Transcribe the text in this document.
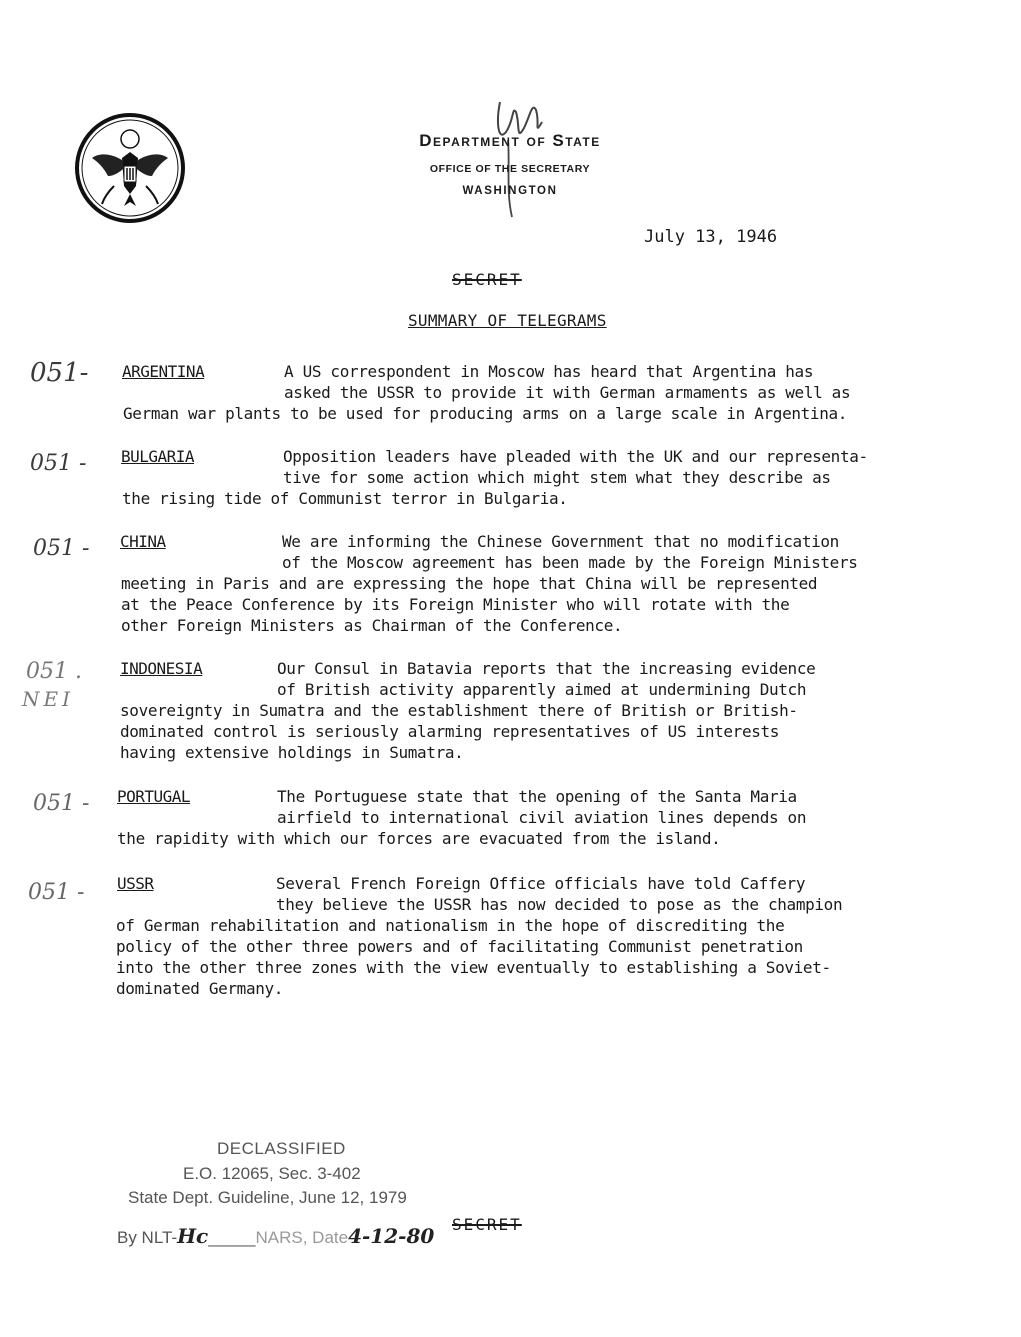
Department of State
OFFICE OF THE SECRETARY
WASHINGTON
July 13, 1946
SECRET
SUMMARY OF TELEGRAMS
051- ARGENTINA	A US correspondent in Moscow has heard that Argentina has
asked the USSR to provide it with German armaments as well as
German war plants to be used for producing arms on a large scale in Argentina.
051 - BULGARIA	Opposition leaders have pleaded with the UK and our representa-
tive for some action which might stem what they describe as
the rising tide of Communist terror in Bulgaria.
051 - CHINA	We are informing the Chinese Government that no modification
of the Moscow agreement has been made by the Foreign Ministers
meeting in Paris and are expressing the hope that China will be represented
at the Peace Conference by its Foreign Minister who will rotate with the
other Foreign Ministers as Chairman of the Conference.
051 .
NEI
INDONESIA	Our Consul in Batavia reports that the increasing evidence
of British activity apparently aimed at undermining Dutch
sovereignty in Sumatra and the establishment there of British or British-
dominated control is seriously alarming representatives of US interests
having extensive holdings in Sumatra.
051 - PORTUGAL	The Portuguese state that the opening of the Santa Maria
airfield to international civil aviation lines depends on
the rapidity with which our forces are evacuated from the island.
051 - USSR	Several French Foreign Office officials have told Caffery
they believe the USSR has now decided to pose as the champion
of German rehabilitation and nationalism in the hope of discrediting the
policy of the other three powers and of facilitating Communist penetration
into the other three zones with the view eventually to establishing a Soviet-
dominated Germany.
DECLASSIFIED
E.O. 12065, Sec. 3-402
State Dept. Guideline, June 12, 1979
By NLT-Hc_____NARS, Date4-12-80 SECRET
